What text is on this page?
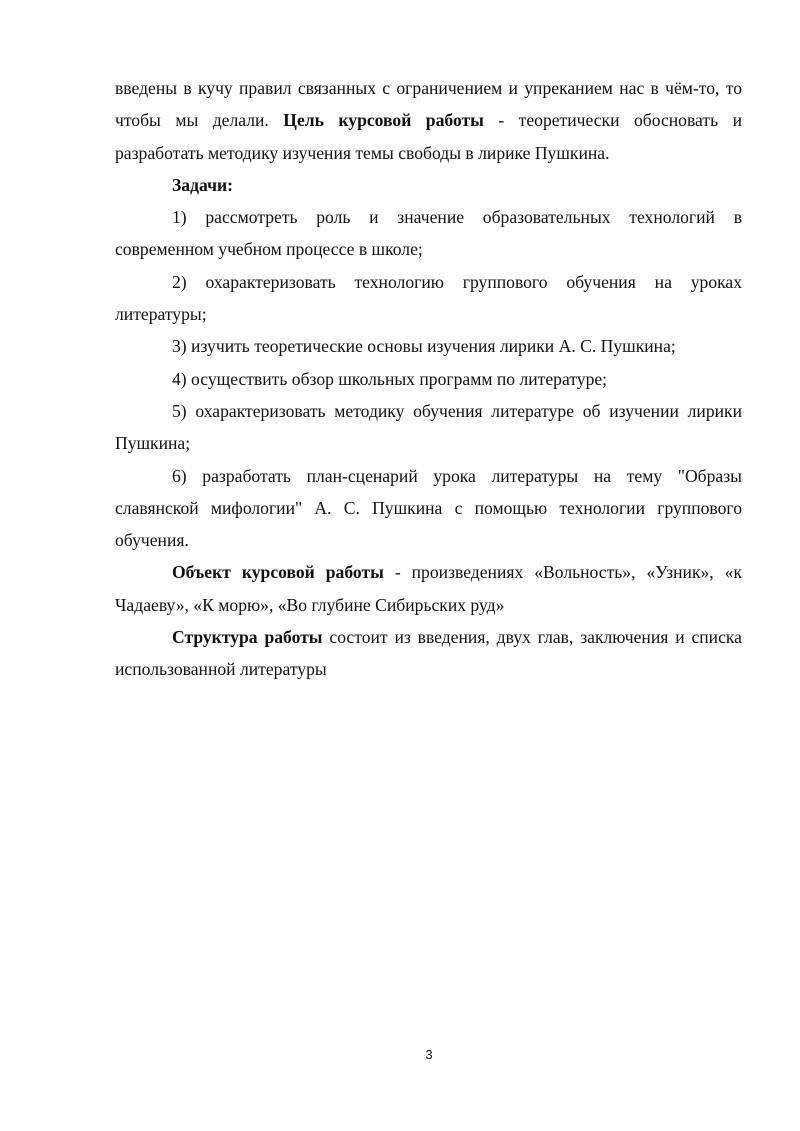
введены в кучу правил связанных с ограничением и упреканием нас в чём-то, то чтобы мы делали. Цель курсовой работы - теоретически обосновать и разработать методику изучения темы свободы в лирике Пушкина.

Задачи:

1) рассмотреть роль и значение образовательных технологий в современном учебном процессе в школе;

2) охарактеризовать технологию группового обучения на уроках литературы;

3) изучить теоретические основы изучения лирики А. С. Пушкина;

4) осуществить обзор школьных программ по литературе;

5) охарактеризовать методику обучения литературе об изучении лирики Пушкина;

6) разработать план-сценарий урока литературы на тему "Образы славянской мифологии" А. С. Пушкина с помощью технологии группового обучения.

Объект курсовой работы - произведениях «Вольность», «Узник», «к Чадаеву», «К морю», «Во глубине Сибирьских руд»

Структура работы состоит из введения, двух глав, заключения и списка использованной литературы

3
